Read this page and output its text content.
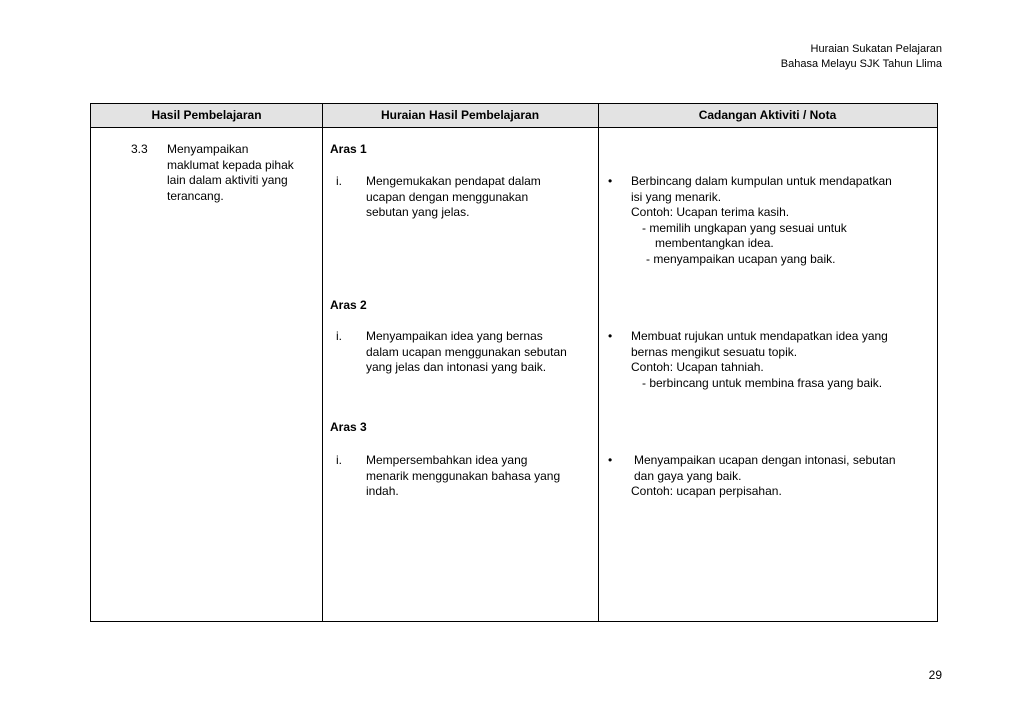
Huraian Sukatan Pelajaran
Bahasa Melayu SJK Tahun Llima
Hasil Pembelajaran	Huraian Hasil Pembelajaran	Cadangan Aktiviti / Nota
3.3 Menyampaikan
maklumat kepada pihak
lain dalam aktiviti yang
terancang.
Aras 1
i. Mengemukakan pendapat dalam
ucapan dengan menggunakan
sebutan yang jelas.
• Berbincang dalam kumpulan untuk mendapatkan
isi yang menarik.
Contoh: Ucapan terima kasih.
- memilih ungkapan yang sesuai untuk
membentangkan idea.
- menyampaikan ucapan yang baik.
Aras 2
i. Menyampaikan idea yang bernas
dalam ucapan menggunakan sebutan
yang jelas dan intonasi yang baik.
• Membuat rujukan untuk mendapatkan idea yang
bernas mengikut sesuatu topik.
Contoh: Ucapan tahniah.
- berbincang untuk membina frasa yang baik.
Aras 3
i. Mempersembahkan idea yang
menarik menggunakan bahasa yang
indah.
• Menyampaikan ucapan dengan intonasi, sebutan
dan gaya yang baik.
Contoh: ucapan perpisahan.
29
